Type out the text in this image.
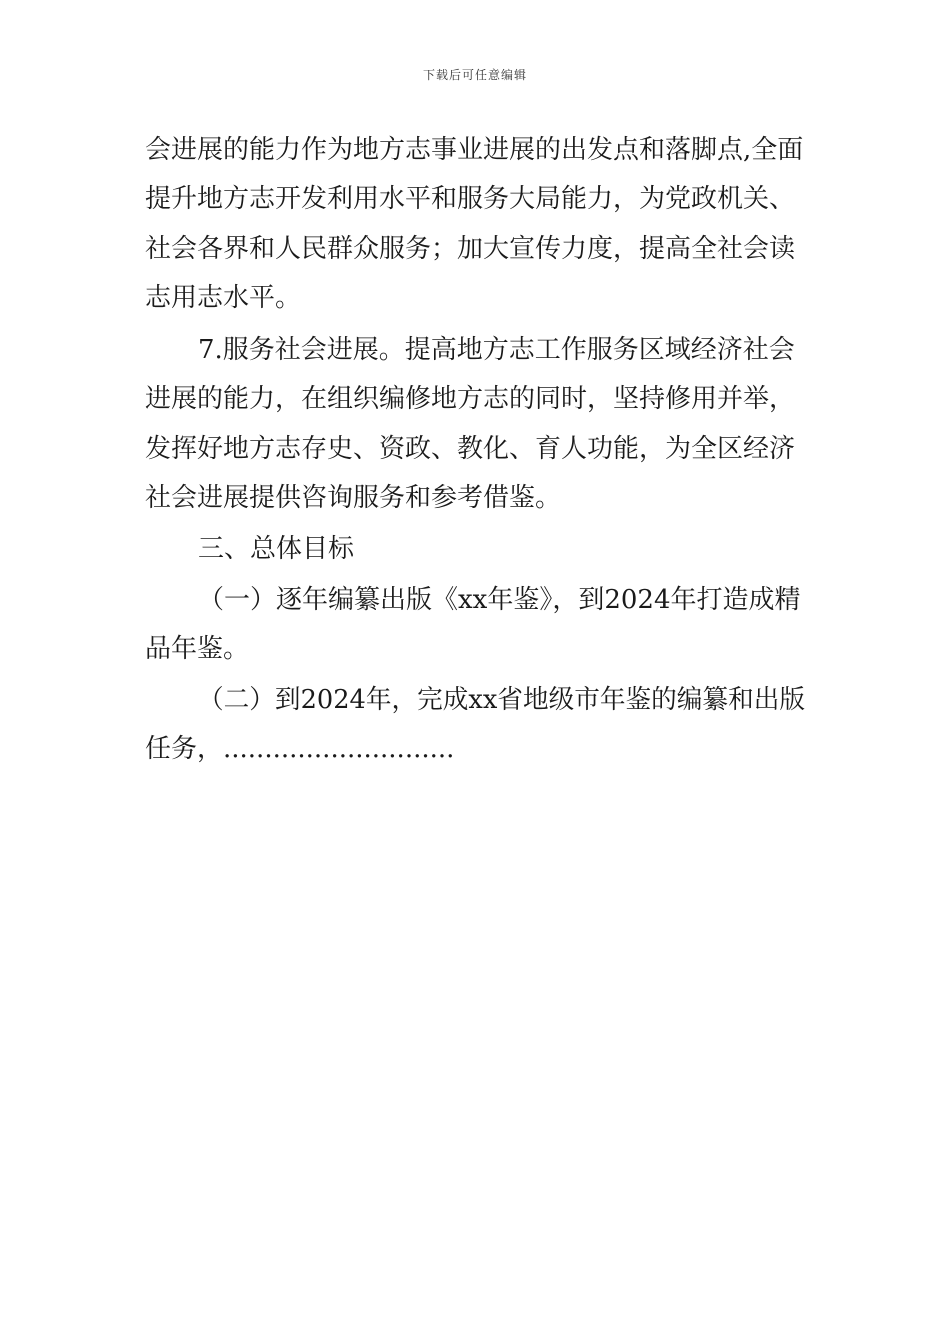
下载后可任意编辑
会进展的能力作为地方志事业进展的出发点和落脚点,全面
提升地方志开发利用水平和服务大局能力，为党政机关、
社会各界和人民群众服务；加大宣传力度，提高全社会读
志用志水平。
7.服务社会进展。提高地方志工作服务区域经济社会
进展的能力，在组织编修地方志的同时，坚持修用并举，
发挥好地方志存史、资政、教化、育人功能，为全区经济
社会进展提供咨询服务和参考借鉴。
三、总体目标
（一）逐年编纂出版《xx年鉴》，到2024年打造成精
品年鉴。
（二）到2024年，完成xx省地级市年鉴的编纂和出版
任务，............................
